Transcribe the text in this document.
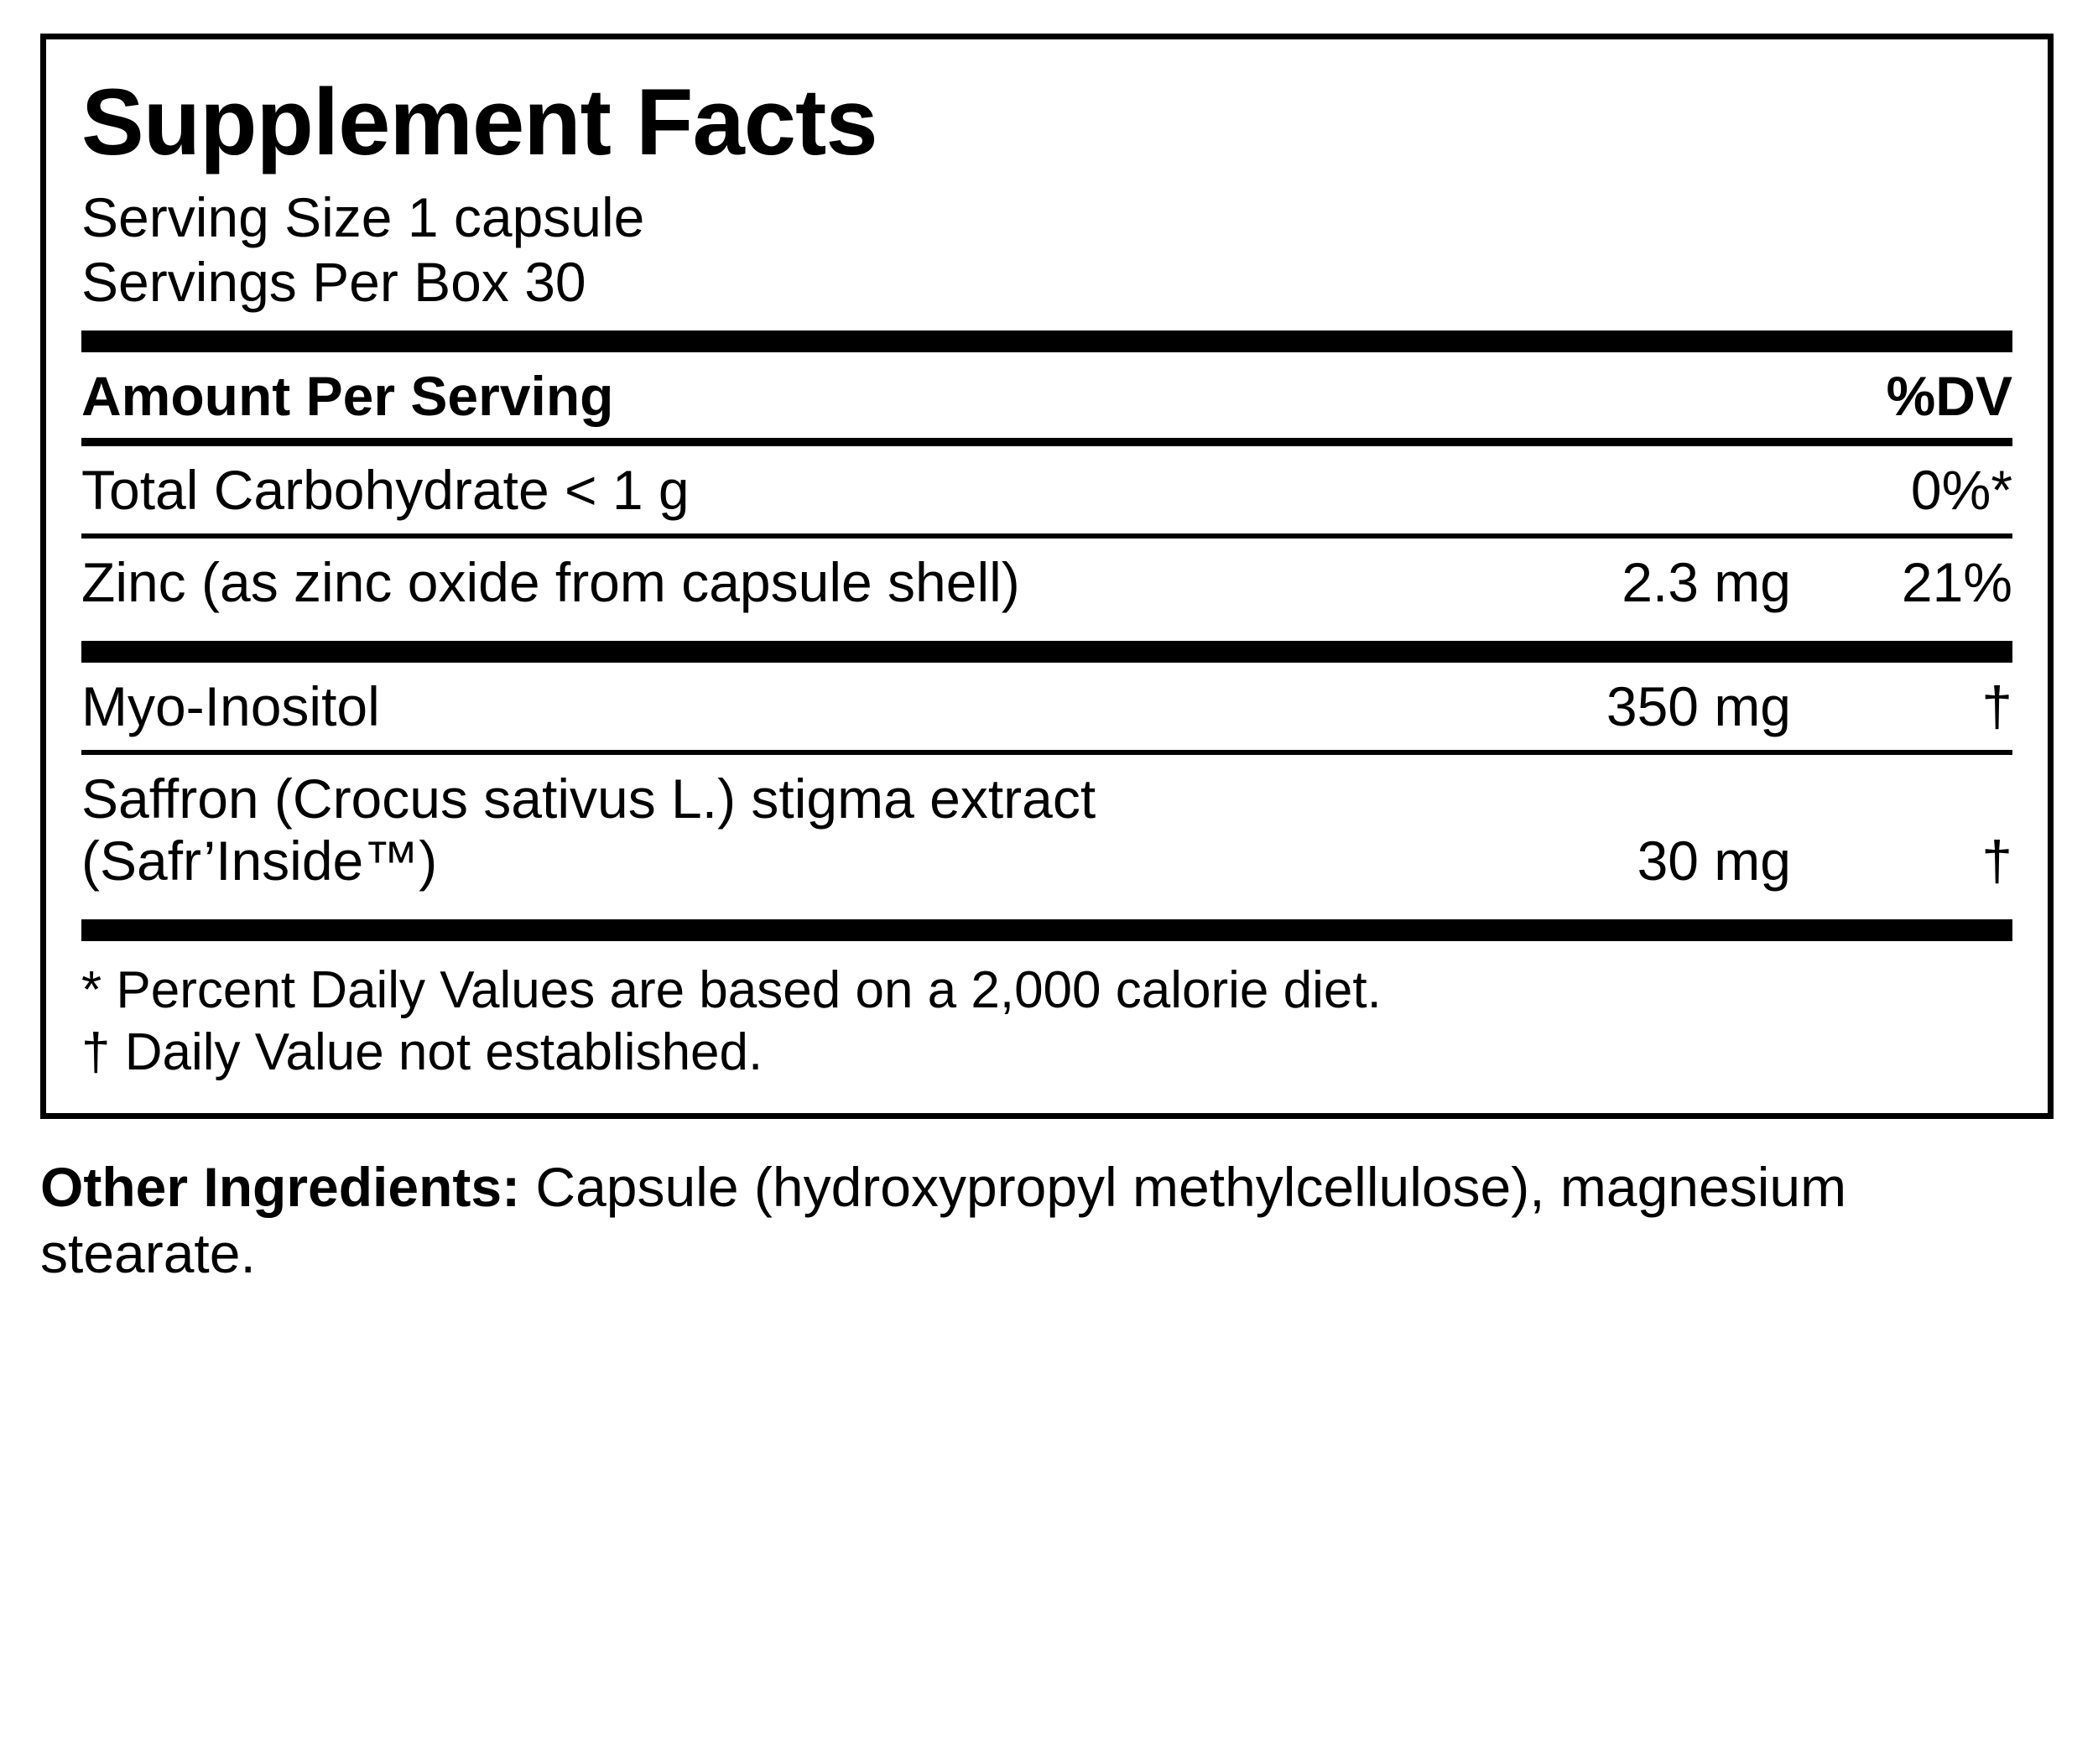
Supplement Facts
Serving Size 1 capsule
Servings Per Box 30
Amount Per Serving	%DV
Total Carbohydrate < 1 g	0%*
Zinc (as zinc oxide from capsule shell)	2.3 mg	21%
Myo-Inositol	350 mg	†
Saffron (Crocus sativus L.) stigma extract
(Safr’Inside™)	30 mg	†
* Percent Daily Values are based on a 2,000 calorie diet.
† Daily Value not established.
Other Ingredients: Capsule (hydroxypropyl methylcellulose), magnesium stearate.
